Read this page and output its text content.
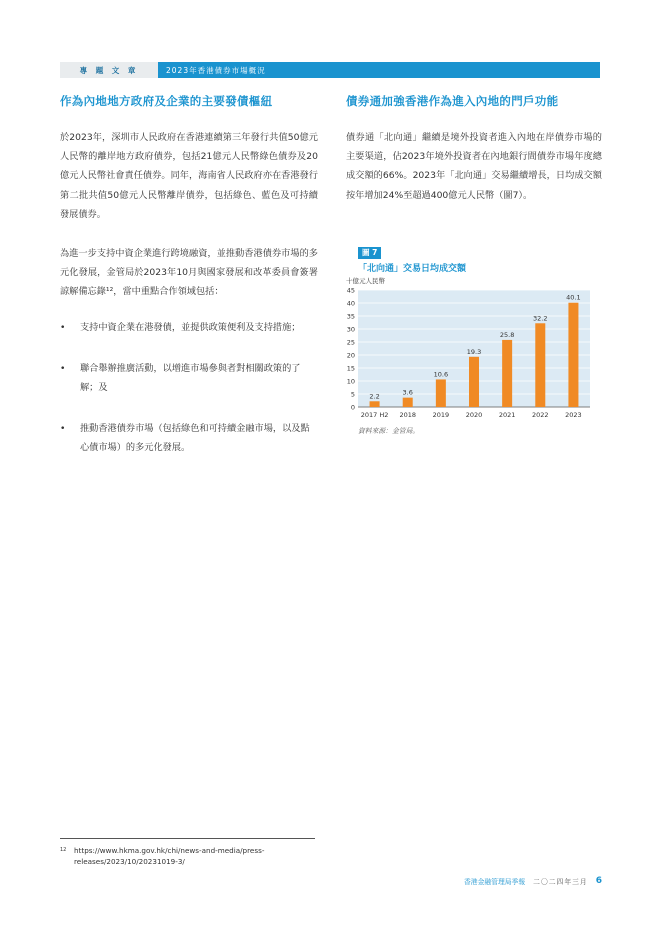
專 題 文 章	2023年香港債券市場概況
作為內地地方政府及企業的主要發債樞紐

於2023年，深圳市人民政府在香港連續第三年發行共值50億元人民幣的離岸地方政府債券，包括21億元人民幣綠色債券及20億元人民幣社會責任債券。同年，海南省人民政府亦在香港發行第二批共值50億元人民幣離岸債券，包括綠色、藍色及可持續發展債券。

為進一步支持中資企業進行跨境融資，並推動香港債券市場的多元化發展，金管局於2023年10月與國家發展和改革委員會簽署諒解備忘錄¹²，當中重點合作領域包括：

• 支持中資企業在港發債，並提供政策便利及支持措施；
• 聯合舉辦推廣活動，以增進市場參與者對相關政策的了解；及
• 推動香港債券市場（包括綠色和可持續金融市場，以及點心債市場）的多元化發展。
債券通加強香港作為進入內地的門戶功能

債券通「北向通」繼續是境外投資者進入內地在岸債券市場的主要渠道，佔2023年境外投資者在內地銀行間債券市場年度總成交額的66%。2023年「北向通」交易繼續增長，日均成交額按年增加24%至超過400億元人民幣（圖7）。

圖 7
「北向通」交易日均成交額
十億元人民幣
0
5
10
15
20
25
30
35
40
45
2.2
2017 H2
3.6
2018
10.6
2019
19.3
2020
25.8
2021
32.2
2022
40.1
2023
資料來源：金管局。
12	https://www.hkma.gov.hk/chi/news-and-media/press-releases/2023/10/20231019-3/
香港金融管理局季報 二〇二四年三月 6
